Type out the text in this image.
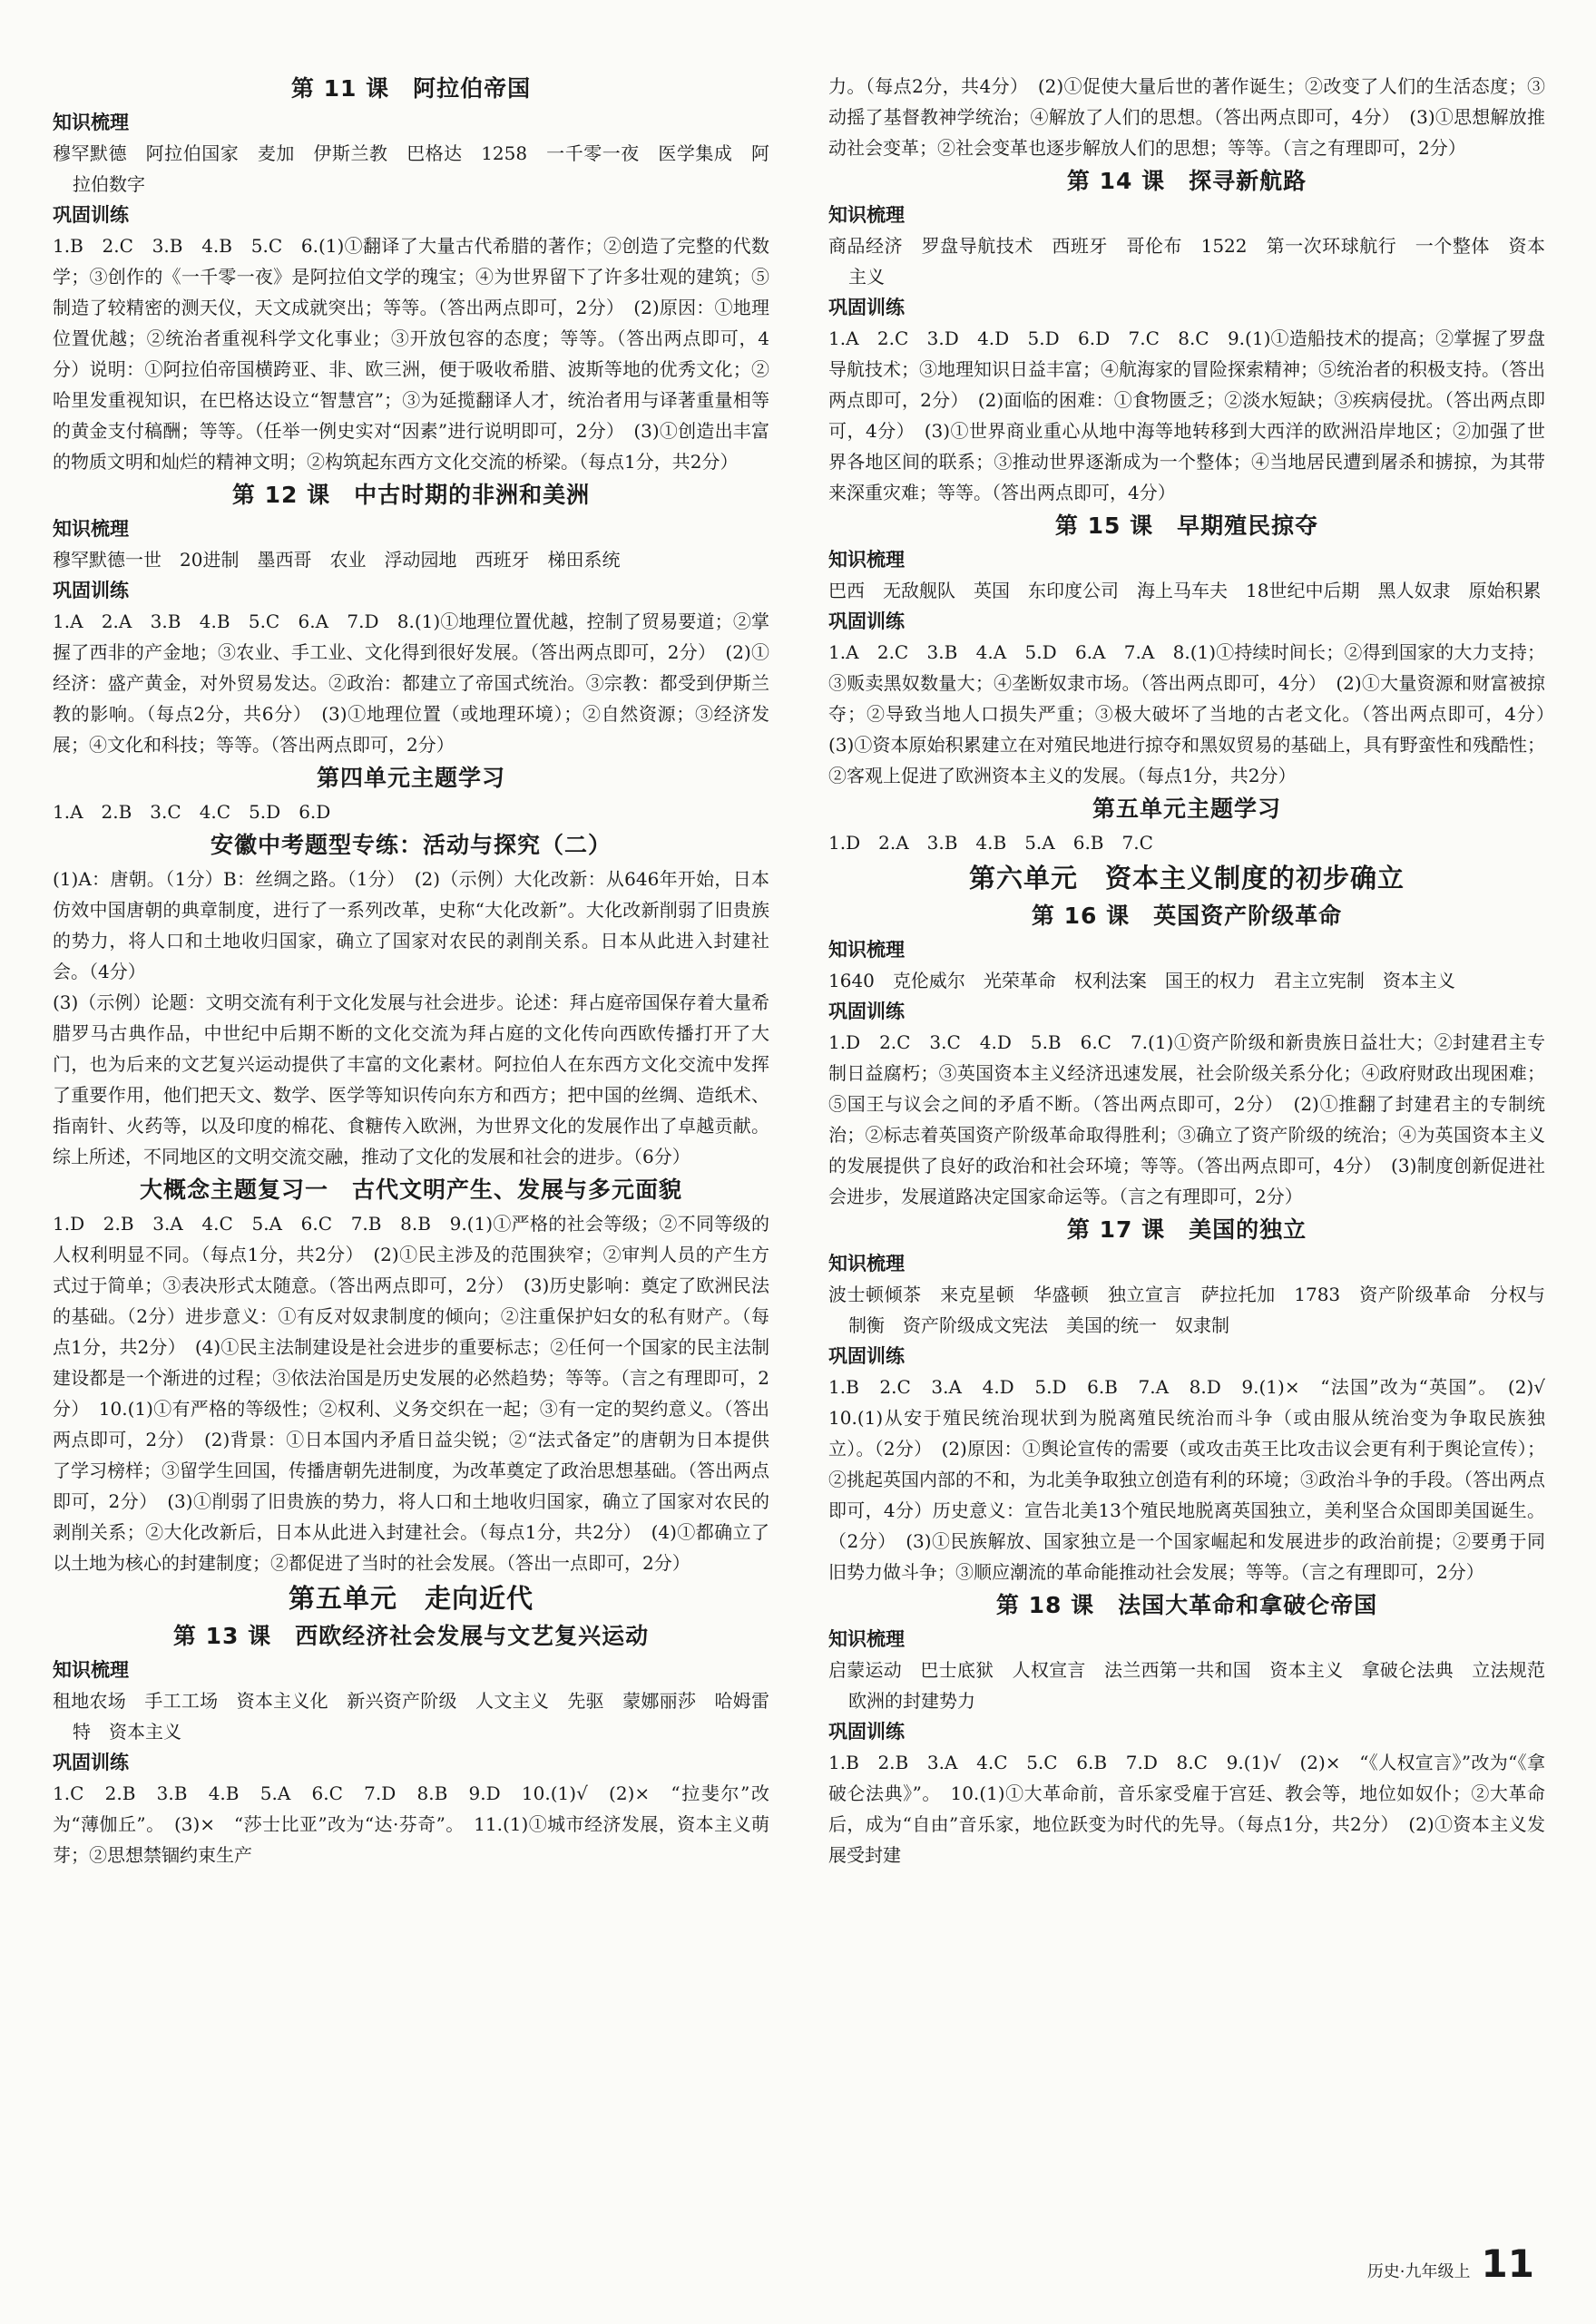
第 11 课　阿拉伯帝国
知识梳理
穆罕默德　阿拉伯国家　麦加　伊斯兰教　巴格达　1258　一千零一夜　医学集成　阿拉伯数字
巩固训练
1.B　2.C　3.B　4.B　5.C　6.(1)①翻译了大量古代希腊的著作；②创造了完整的代数学；③创作的《一千零一夜》是阿拉伯文学的瑰宝；④为世界留下了许多壮观的建筑；⑤制造了较精密的测天仪，天文成就突出；等等。（答出两点即可，2分）　(2)原因：①地理位置优越；②统治者重视科学文化事业；③开放包容的态度；等等。（答出两点即可，4分）说明：①阿拉伯帝国横跨亚、非、欧三洲，便于吸收希腊、波斯等地的优秀文化；②哈里发重视知识，在巴格达设立“智慧宫”；③为延揽翻译人才，统治者用与译著重量相等的黄金支付稿酬；等等。（任举一例史实对“因素”进行说明即可，2分）　(3)①创造出丰富的物质文明和灿烂的精神文明；②构筑起东西方文化交流的桥梁。（每点1分，共2分）
第 12 课　中古时期的非洲和美洲
知识梳理
穆罕默德一世　20进制　墨西哥　农业　浮动园地　西班牙　梯田系统
巩固训练
1.A　2.A　3.B　4.B　5.C　6.A　7.D　8.(1)①地理位置优越，控制了贸易要道；②掌握了西非的产金地；③农业、手工业、文化得到很好发展。（答出两点即可，2分）　(2)①经济：盛产黄金，对外贸易发达。②政治：都建立了帝国式统治。③宗教：都受到伊斯兰教的影响。（每点2分，共6分）　(3)①地理位置（或地理环境）；②自然资源；③经济发展；④文化和科技；等等。（答出两点即可，2分）
第四单元主题学习
1.A　2.B　3.C　4.C　5.D　6.D
安徽中考题型专练：活动与探究（二）
(1)A：唐朝。（1分）B：丝绸之路。（1分）　(2)（示例）大化改新：从646年开始，日本仿效中国唐朝的典章制度，进行了一系列改革，史称“大化改新”。大化改新削弱了旧贵族的势力，将人口和土地收归国家，确立了国家对农民的剥削关系。日本从此进入封建社会。（4分）
(3)（示例）论题：文明交流有利于文化发展与社会进步。论述：拜占庭帝国保存着大量希腊罗马古典作品，中世纪中后期不断的文化交流为拜占庭的文化传向西欧传播打开了大门，也为后来的文艺复兴运动提供了丰富的文化素材。阿拉伯人在东西方文化交流中发挥了重要作用，他们把天文、数学、医学等知识传向东方和西方；把中国的丝绸、造纸术、指南针、火药等，以及印度的棉花、食糖传入欧洲，为世界文化的发展作出了卓越贡献。综上所述，不同地区的文明交流交融，推动了文化的发展和社会的进步。（6分）
大概念主题复习一　古代文明产生、发展与多元面貌
1.D　2.B　3.A　4.C　5.A　6.C　7.B　8.B　9.(1)①严格的社会等级；②不同等级的人权利明显不同。（每点1分，共2分）　(2)①民主涉及的范围狭窄；②审判人员的产生方式过于简单；③表决形式太随意。（答出两点即可，2分）　(3)历史影响：奠定了欧洲民法的基础。（2分）进步意义：①有反对奴隶制度的倾向；②注重保护妇女的私有财产。（每点1分，共2分）　(4)①民主法制建设是社会进步的重要标志；②任何一个国家的民主法制建设都是一个渐进的过程；③依法治国是历史发展的必然趋势；等等。（言之有理即可，2分）　10.(1)①有严格的等级性；②权利、义务交织在一起；③有一定的契约意义。（答出两点即可，2分）　(2)背景：①日本国内矛盾日益尖锐；②“法式备定”的唐朝为日本提供了学习榜样；③留学生回国，传播唐朝先进制度，为改革奠定了政治思想基础。（答出两点即可，2分）　(3)①削弱了旧贵族的势力，将人口和土地收归国家，确立了国家对农民的剥削关系；②大化改新后，日本从此进入封建社会。（每点1分，共2分）　(4)①都确立了以土地为核心的封建制度；②都促进了当时的社会发展。（答出一点即可，2分）
第五单元　走向近代
第 13 课　西欧经济社会发展与文艺复兴运动
知识梳理
租地农场　手工工场　资本主义化　新兴资产阶级　人文主义　先驱　蒙娜丽莎　哈姆雷特　资本主义
巩固训练
1.C　2.B　3.B　4.B　5.A　6.C　7.D　8.B　9.D　10.(1)√　(2)×　“拉斐尔”改为“薄伽丘”。　(3)×　“莎士比亚”改为“达·芬奇”。　11.(1)①城市经济发展，资本主义萌芽；②思想禁锢约束生产
力。（每点2分，共4分）　(2)①促使大量后世的著作诞生；②改变了人们的生活态度；③动摇了基督教神学统治；④解放了人们的思想。（答出两点即可，4分）　(3)①思想解放推动社会变革；②社会变革也逐步解放人们的思想；等等。（言之有理即可，2分）
第 14 课　探寻新航路
知识梳理
商品经济　罗盘导航技术　西班牙　哥伦布　1522　第一次环球航行　一个整体　资本主义
巩固训练
1.A　2.C　3.D　4.D　5.D　6.D　7.C　8.C　9.(1)①造船技术的提高；②掌握了罗盘导航技术；③地理知识日益丰富；④航海家的冒险探索精神；⑤统治者的积极支持。（答出两点即可，2分）　(2)面临的困难：①食物匮乏；②淡水短缺；③疾病侵扰。（答出两点即可，4分）　(3)①世界商业重心从地中海等地转移到大西洋的欧洲沿岸地区；②加强了世界各地区间的联系；③推动世界逐渐成为一个整体；④当地居民遭到屠杀和掳掠，为其带来深重灾难；等等。（答出两点即可，4分）
第 15 课　早期殖民掠夺
知识梳理
巴西　无敌舰队　英国　东印度公司　海上马车夫　18世纪中后期　黑人奴隶　原始积累
巩固训练
1.A　2.C　3.B　4.A　5.D　6.A　7.A　8.(1)①持续时间长；②得到国家的大力支持；③贩卖黑奴数量大；④垄断奴隶市场。（答出两点即可，4分）　(2)①大量资源和财富被掠夺；②导致当地人口损失严重；③极大破坏了当地的古老文化。（答出两点即可，4分）　(3)①资本原始积累建立在对殖民地进行掠夺和黑奴贸易的基础上，具有野蛮性和残酷性；②客观上促进了欧洲资本主义的发展。（每点1分，共2分）
第五单元主题学习
1.D　2.A　3.B　4.B　5.A　6.B　7.C
第六单元　资本主义制度的初步确立
第 16 课　英国资产阶级革命
知识梳理
1640　克伦威尔　光荣革命　权利法案　国王的权力　君主立宪制　资本主义
巩固训练
1.D　2.C　3.C　4.D　5.B　6.C　7.(1)①资产阶级和新贵族日益壮大；②封建君主专制日益腐朽；③英国资本主义经济迅速发展，社会阶级关系分化；④政府财政出现困难；⑤国王与议会之间的矛盾不断。（答出两点即可，2分）　(2)①推翻了封建君主的专制统治；②标志着英国资产阶级革命取得胜利；③确立了资产阶级的统治；④为英国资本主义的发展提供了良好的政治和社会环境；等等。（答出两点即可，4分）　(3)制度创新促进社会进步，发展道路决定国家命运等。（言之有理即可，2分）
第 17 课　美国的独立
知识梳理
波士顿倾茶　来克星顿　华盛顿　独立宣言　萨拉托加　1783　资产阶级革命　分权与制衡　资产阶级成文宪法　美国的统一　奴隶制
巩固训练
1.B　2.C　3.A　4.D　5.D　6.B　7.A　8.D　9.(1)×　“法国”改为“英国”。　(2)√　10.(1)从安于殖民统治现状到为脱离殖民统治而斗争（或由服从统治变为争取民族独立）。（2分）　(2)原因：①舆论宣传的需要（或攻击英王比攻击议会更有利于舆论宣传）；②挑起英国内部的不和，为北美争取独立创造有利的环境；③政治斗争的手段。（答出两点即可，4分）历史意义：宣告北美13个殖民地脱离英国独立，美利坚合众国即美国诞生。（2分）　(3)①民族解放、国家独立是一个国家崛起和发展进步的政治前提；②要勇于同旧势力做斗争；③顺应潮流的革命能推动社会发展；等等。（言之有理即可，2分）
第 18 课　法国大革命和拿破仑帝国
知识梳理
启蒙运动　巴士底狱　人权宣言　法兰西第一共和国　资本主义　拿破仑法典　立法规范　欧洲的封建势力
巩固训练
1.B　2.B　3.A　4.C　5.C　6.B　7.D　8.C　9.(1)√　(2)×　“《人权宣言》”改为“《拿破仑法典》”。　10.(1)①大革命前，音乐家受雇于宫廷、教会等，地位如奴仆；②大革命后，成为“自由”音乐家，地位跃变为时代的先导。（每点1分，共2分）　(2)①资本主义发展受封建
历史·九年级上 11
